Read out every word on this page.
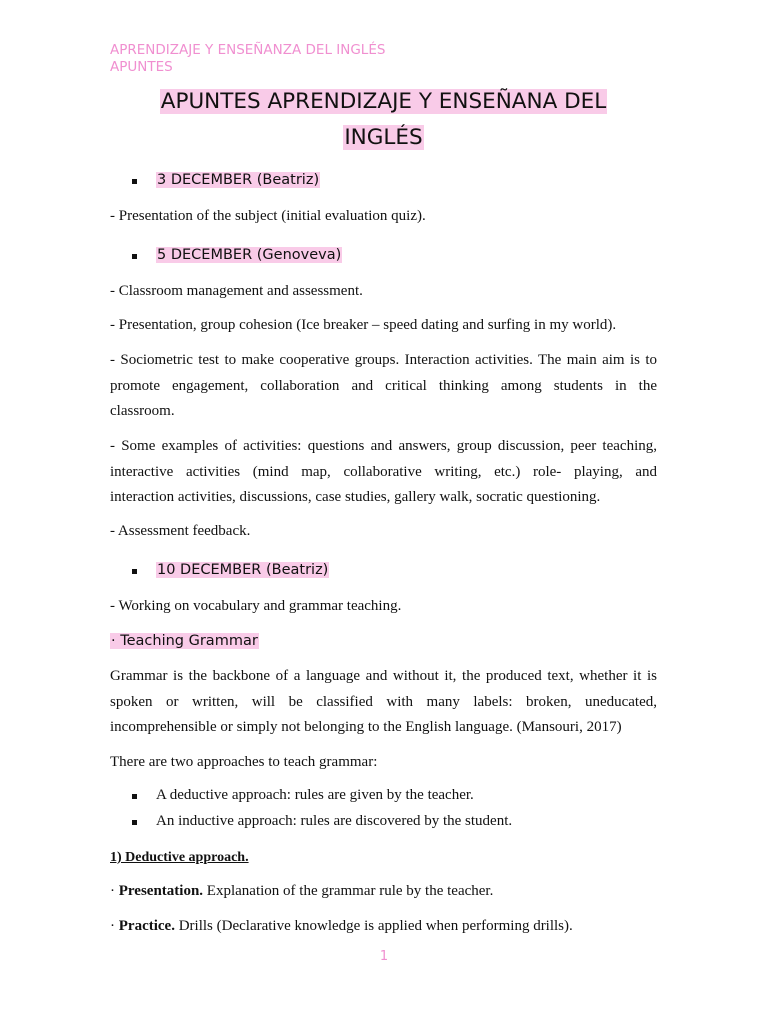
APRENDIZAJE Y ENSEÑANZA DEL INGLÉS
APUNTES
APUNTES APRENDIZAJE Y ENSEÑANA DEL
INGLÉS
3 DECEMBER (Beatriz)
- Presentation of the subject (initial evaluation quiz).
5 DECEMBER (Genoveva)
- Classroom management and assessment.
- Presentation, group cohesion (Ice breaker – speed dating and surfing in my world).
- Sociometric test to make cooperative groups. Interaction activities. The main aim is to
promote engagement, collaboration and critical thinking among students in the
classroom.
- Some examples of activities: questions and answers, group discussion, peer teaching,
interactive activities (mind map, collaborative writing, etc.) role- playing, and
interaction activities, discussions, case studies, gallery walk, socratic questioning.
- Assessment feedback.
10 DECEMBER (Beatriz)
- Working on vocabulary and grammar teaching.
· Teaching Grammar
Grammar is the backbone of a language and without it, the produced text, whether it is
spoken or written, will be classified with many labels: broken, uneducated,
incomprehensible or simply not belonging to the English language. (Mansouri, 2017)
There are two approaches to teach grammar:
A deductive approach: rules are given by the teacher.
An inductive approach: rules are discovered by the student.
1) Deductive approach.
· Presentation. Explanation of the grammar rule by the teacher.
· Practice. Drills (Declarative knowledge is applied when performing drills).
1
